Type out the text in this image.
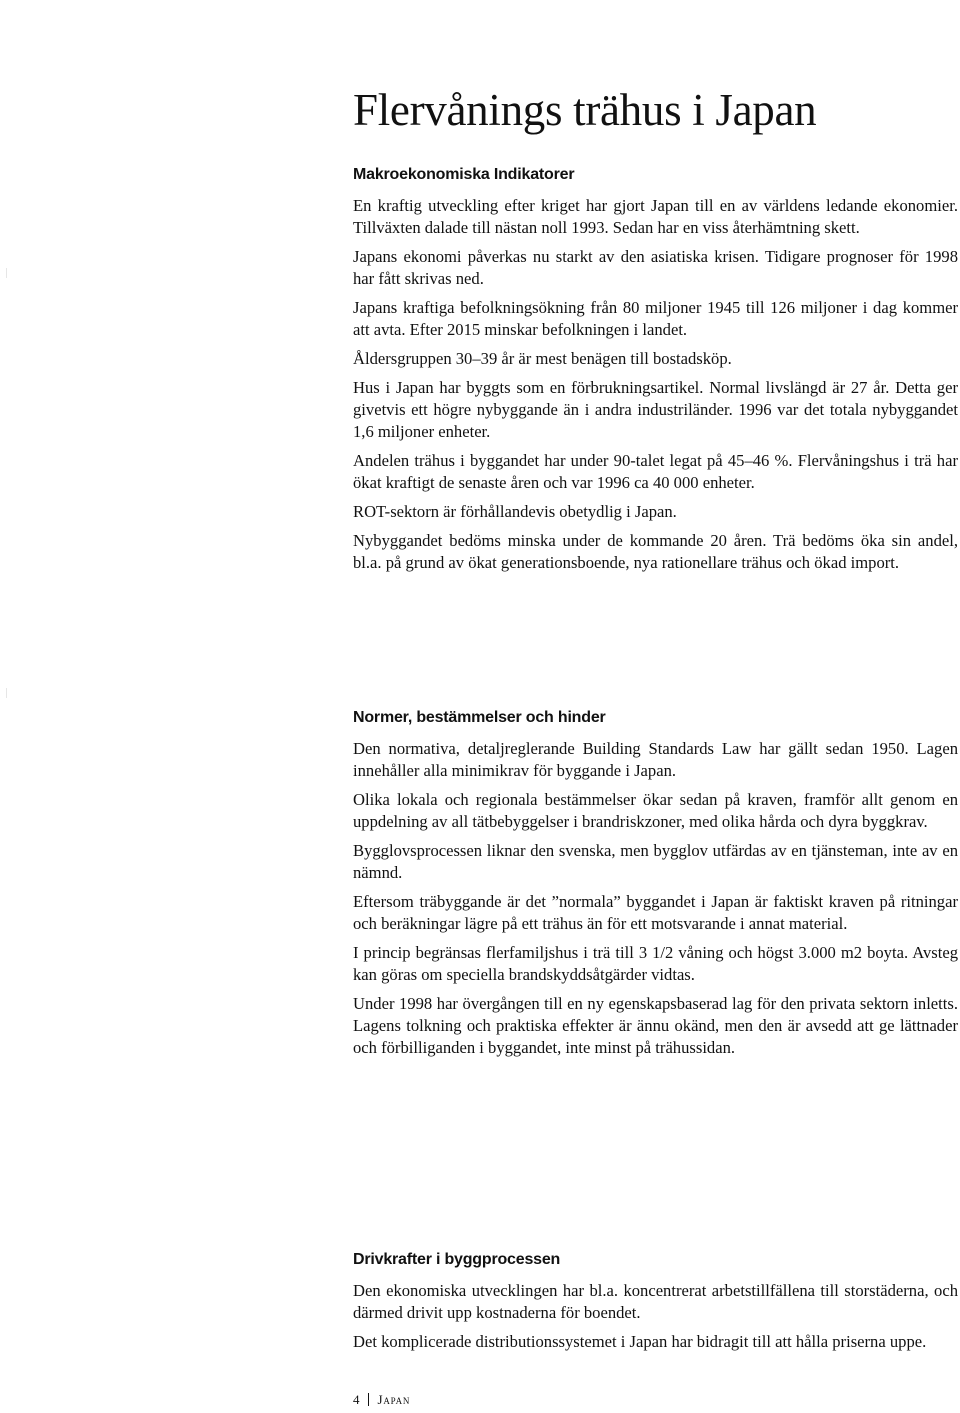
Flervånings trähus i Japan
Makroekonomiska Indikatorer

En kraftig utveckling efter kriget har gjort Japan till en av världens ledande ekonomier. Tillväxten dalade till nästan noll 1993. Sedan har en viss återhämtning skett.

Japans ekonomi påverkas nu starkt av den asiatiska krisen. Tidigare prognoser för 1998 har fått skrivas ned.

Japans kraftiga befolkningsökning från 80 miljoner 1945 till 126 miljoner i dag kommer att avta. Efter 2015 minskar befolkningen i landet.

Åldersgruppen 30–39 år är mest benägen till bostadsköp.

Hus i Japan har byggts som en förbrukningsartikel. Normal livslängd är 27 år. Detta ger givetvis ett högre nybyggande än i andra industriländer. 1996 var det totala nybyggandet 1,6 miljoner enheter.

Andelen trähus i byggandet har under 90-talet legat på 45–46 %. Flervåningshus i trä har ökat kraftigt de senaste åren och var 1996 ca 40 000 enheter.

ROT-sektorn är förhållandevis obetydlig i Japan.

Nybyggandet bedöms minska under de kommande 20 åren. Trä bedöms öka sin andel, bl.a. på grund av ökat generationsboende, nya rationellare trähus och ökad import.

Normer, bestämmelser och hinder

Den normativa, detaljreglerande Building Standards Law har gällt sedan 1950. Lagen innehåller alla minimikrav för byggande i Japan.

Olika lokala och regionala bestämmelser ökar sedan på kraven, framför allt genom en uppdelning av all tätbebyggelser i brandriskzoner, med olika hårda och dyra byggkrav.

Bygglovsprocessen liknar den svenska, men bygglov utfärdas av en tjänsteman, inte av en nämnd.

Eftersom träbyggande är det ”normala” byggandet i Japan är faktiskt kraven på ritningar och beräkningar lägre på ett trähus än för ett motsvarande i annat material.

I princip begränsas flerfamiljshus i trä till 3 1/2 våning och högst 3.000 m2 boyta. Avsteg kan göras om speciella brandskyddsåtgärder vidtas.

Under 1998 har övergången till en ny egenskapsbaserad lag för den privata sektorn inletts. Lagens tolkning och praktiska effekter är ännu okänd, men den är avsedd att ge lättnader och förbilliganden i byggandet, inte minst på trähussidan.

Drivkrafter i byggprocessen

Den ekonomiska utvecklingen har bl.a. koncentrerat arbetstillfällena till storstäderna, och därmed drivit upp kostnaderna för boendet.

Det komplicerade distributionssystemet i Japan har bidragit till att hålla priserna uppe.

4 Japan
